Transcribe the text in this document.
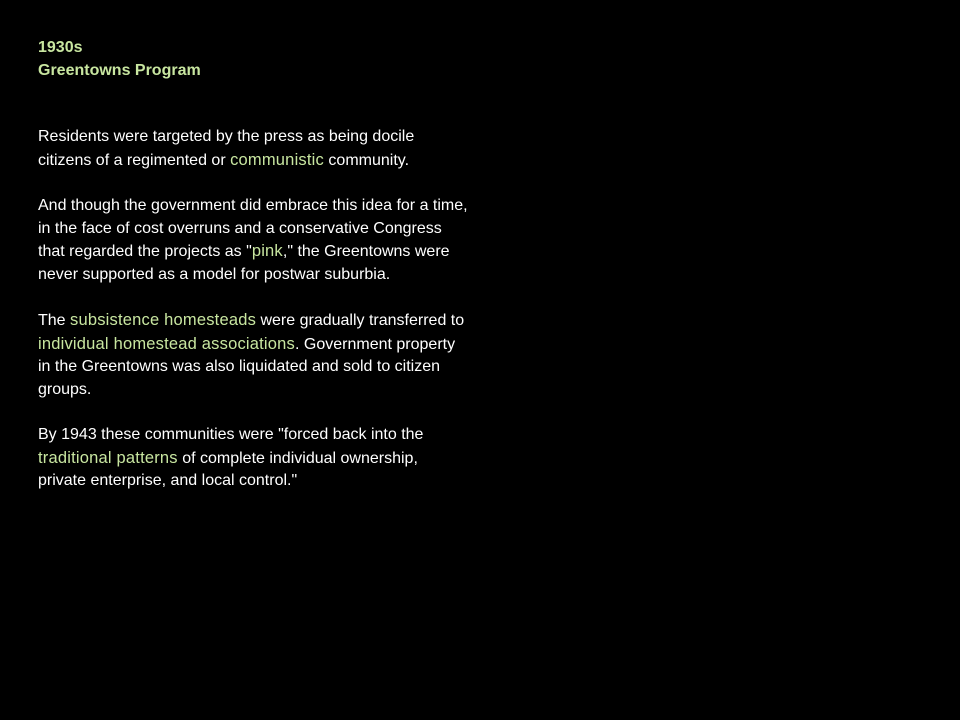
1930s
Greentowns Program

Residents were targeted by the press as being docile citizens of a regimented or communistic community.

And though the government did embrace this idea for a time, in the face of cost overruns and a conservative Congress that regarded the projects as "pink," the Greentowns were never supported as a model for postwar suburbia.

The subsistence homesteads were gradually transferred to individual homestead associations. Government property in the Greentowns was also liquidated and sold to citizen groups.

By 1943 these communities were "forced back into the traditional patterns of complete individual ownership, private enterprise, and local control."
